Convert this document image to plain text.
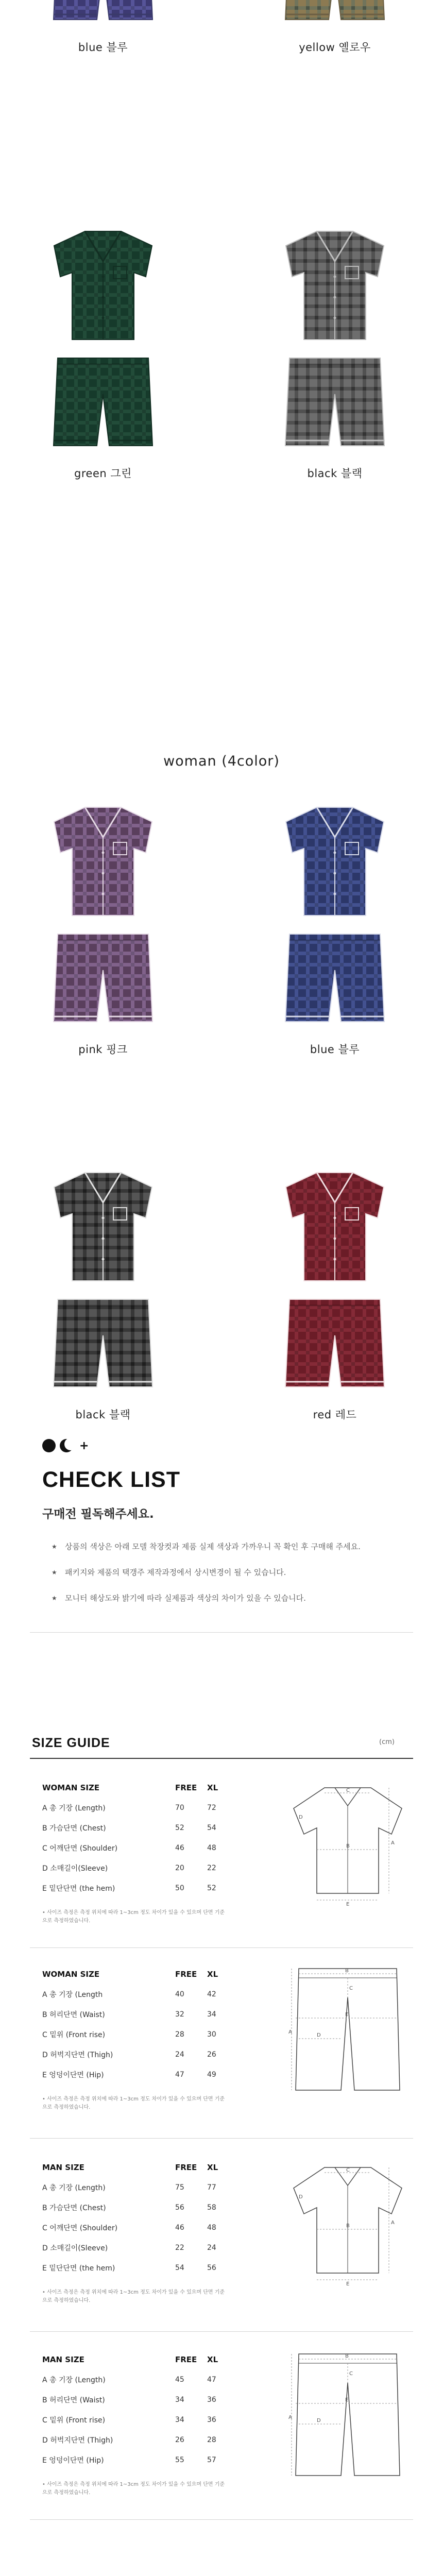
blue 블루	yellow 옐로우
green 그린	black 블랙
woman (4color)
pink 핑크	blue 블루
black 블랙	red 레드
+
CHECK LIST
구매전 필독해주세요.
★ 상품의 색상은 아래 모델 착장컷과 제품 실제 색상과 가까우니 꼭 확인 후 구매해 주세요.
★ 패키지와 제품의 택갱주 제작과정에서 상시변경이 될 수 있습니다.
★ 모니터 해상도와 밝기에 따라 실제품과 색상의 차이가 있을 수 있습니다.
SIZE GUIDE	(cm)
WOMAN SIZE	FREE	XL
A 총 기장 (Length)	70	72
B 가슴단면 (Chest)	52	54
C 어깨단면 (Shoulder)	46	48
D 소매길이(Sleeve)	20	22
E 밑단단면 (the hem)	50	52
• 사이즈 측정은 측정 위치에 따라 1~3cm 정도 차이가 있을 수 있으며 단면 기준으로 측정하였습니다.
B
C
E
A
D
WOMAN SIZE	FREE	XL
A 총 기장 (Length	40	42
B 허리단면 (Waist)	32	34
C 밑위 (Front rise)	28	30
D 허벅지단면 (Thigh)	24	26
E 엉덩이단면 (Hip)	47	49
• 사이즈 측정은 측정 위치에 따라 1~3cm 정도 차이가 있을 수 있으며 단면 기준으로 측정하였습니다.
B
C
E
D
A
MAN SIZE	FREE	XL
A 총 기장 (Length)	75	77
B 가슴단면 (Chest)	56	58
C 어깨단면 (Shoulder)	46	48
D 소매길이(Sleeve)	22	24
E 밑단단면 (the hem)	54	56
• 사이즈 측정은 측정 위치에 따라 1~3cm 정도 차이가 있을 수 있으며 단면 기준으로 측정하였습니다.
B
C
E
A
D
MAN SIZE	FREE	XL
A 총 기장 (Length)	45	47
B 허리단면 (Waist)	34	36
C 밑위 (Front rise)	34	36
D 허벅지단면 (Thigh)	26	28
E 엉덩이단면 (Hip)	55	57
• 사이즈 측정은 측정 위치에 따라 1~3cm 정도 차이가 있을 수 있으며 단면 기준으로 측정하였습니다.
B
C
E
D
A
